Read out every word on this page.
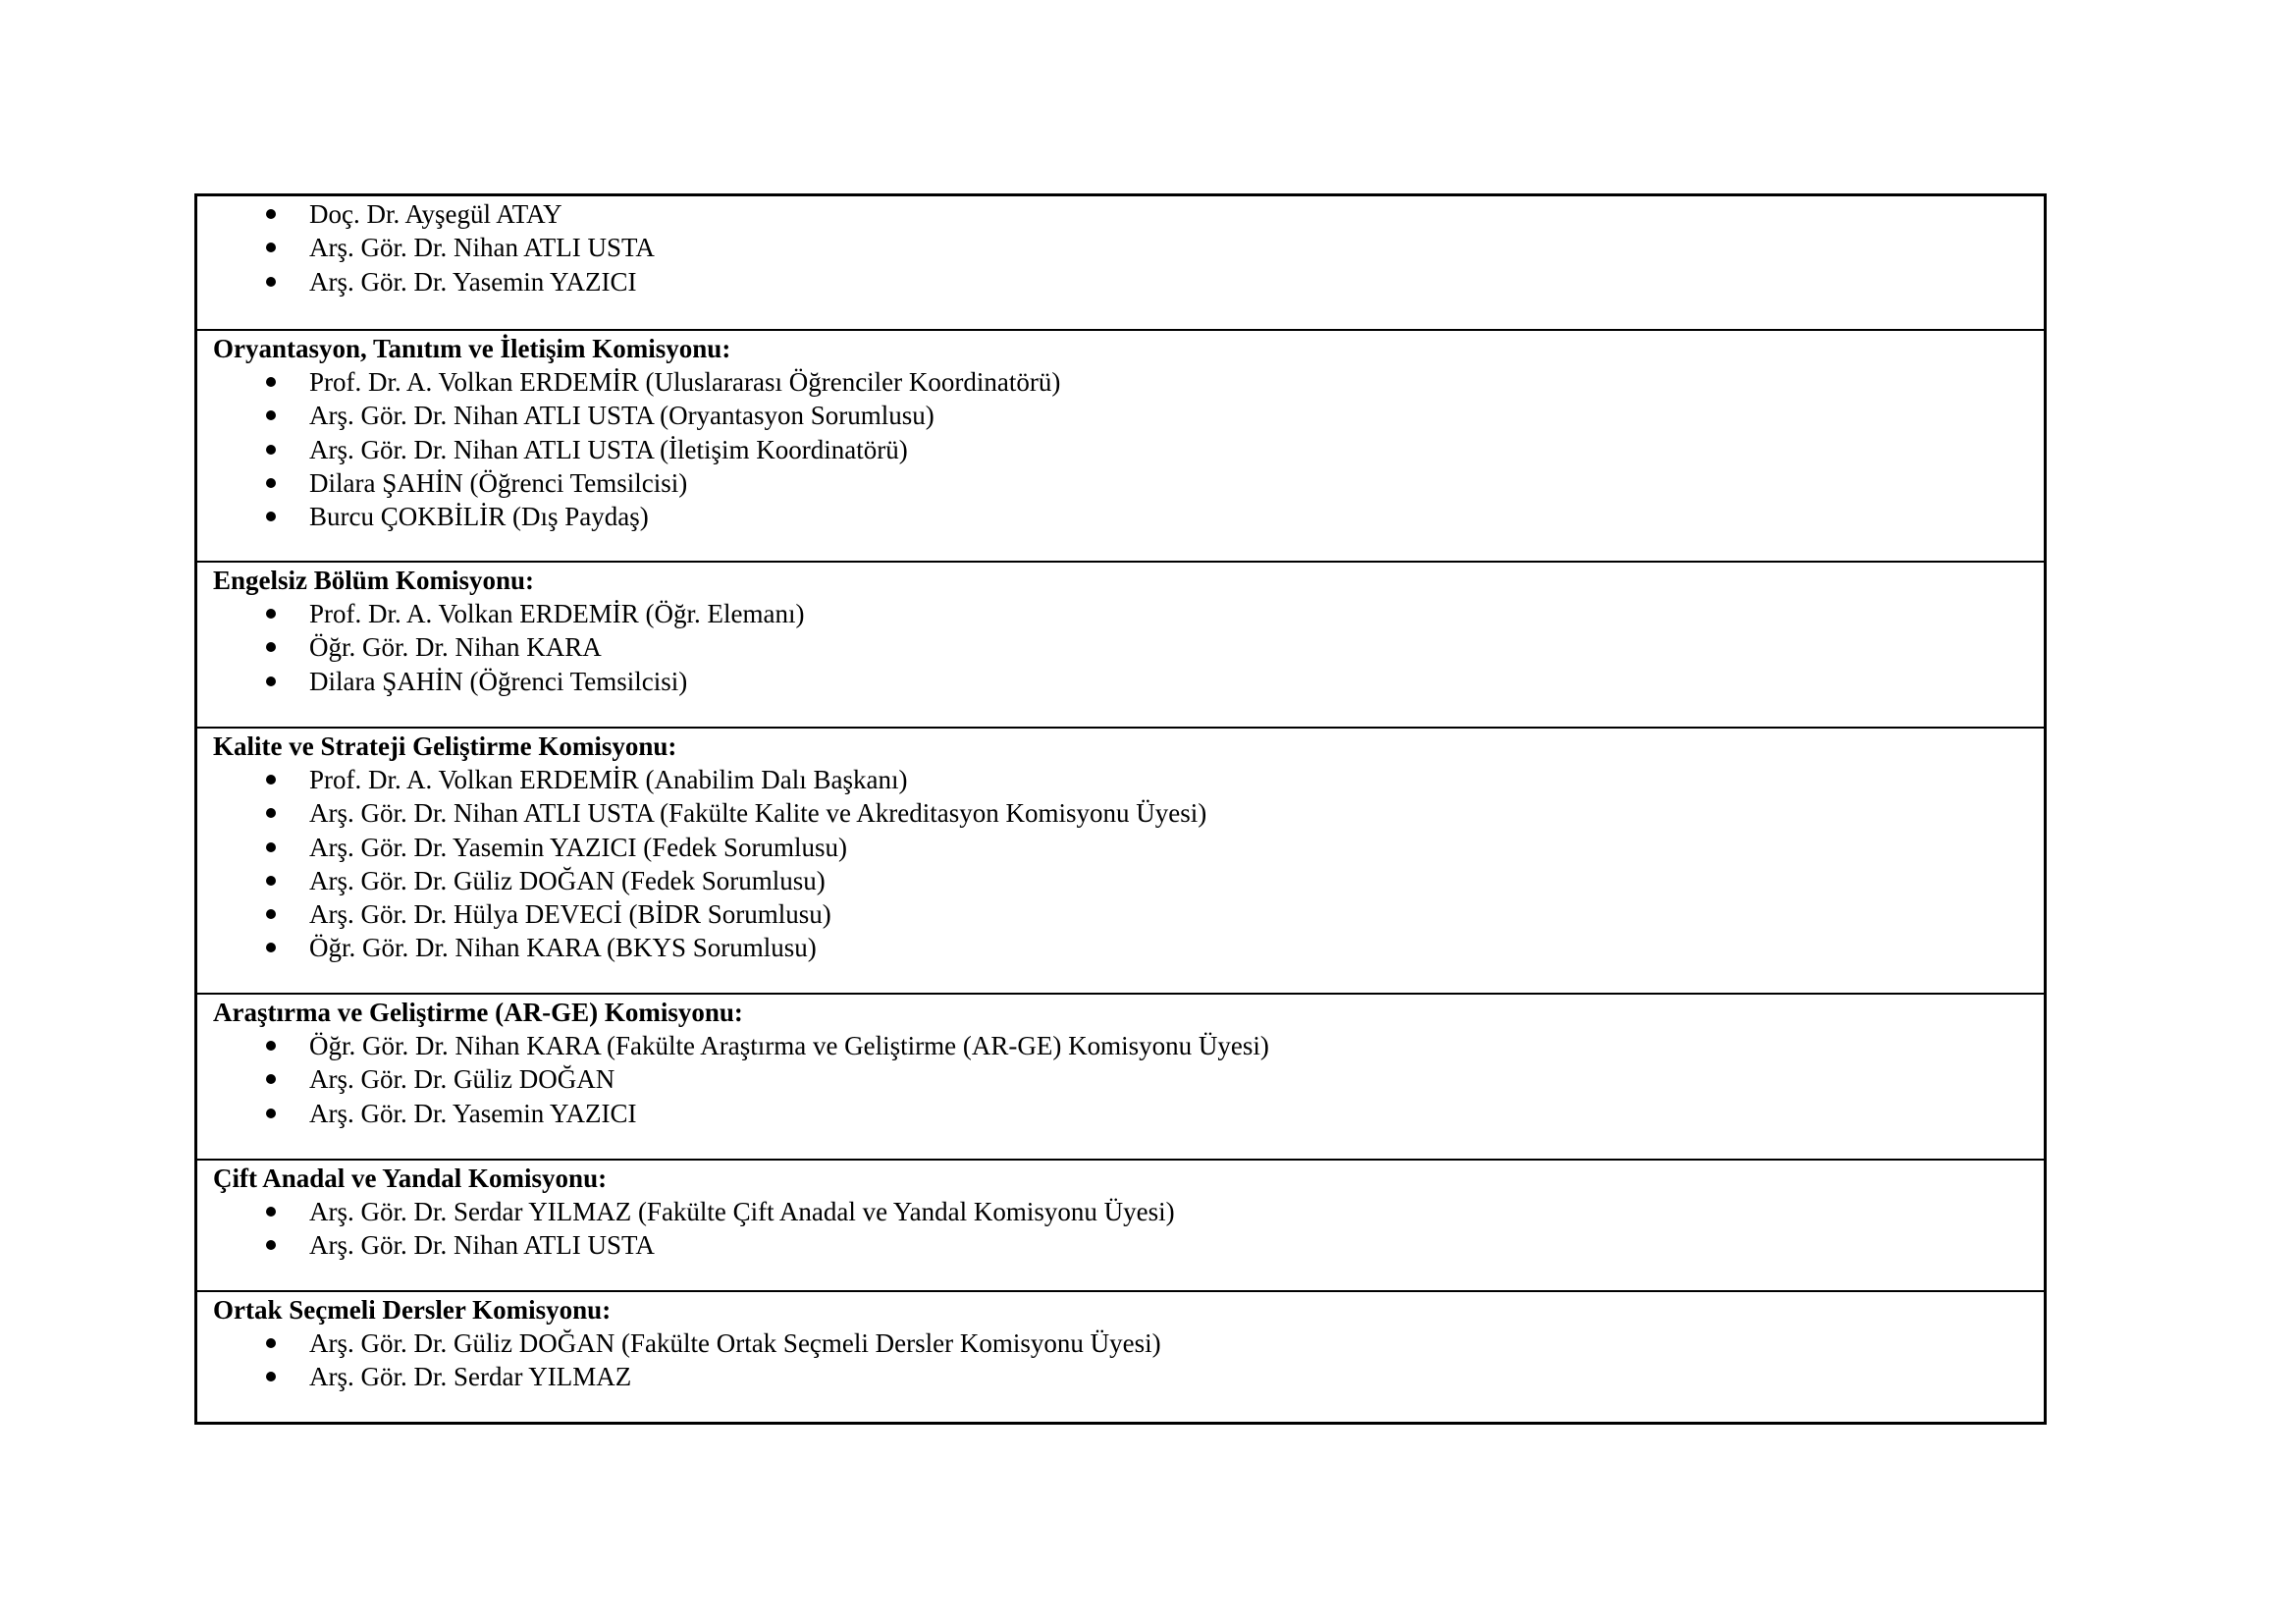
Doç. Dr. Ayşegül ATAY
Arş. Gör. Dr. Nihan ATLI USTA
Arş. Gör. Dr. Yasemin YAZICI
Oryantasyon, Tanıtım ve İletişim Komisyonu:
Prof. Dr. A. Volkan ERDEMİR (Uluslararası Öğrenciler Koordinatörü)
Arş. Gör. Dr. Nihan ATLI USTA (Oryantasyon Sorumlusu)
Arş. Gör. Dr. Nihan ATLI USTA (İletişim Koordinatörü)
Dilara ŞAHİN (Öğrenci Temsilcisi)
Burcu ÇOKBİLİR (Dış Paydaş)
Engelsiz Bölüm Komisyonu:
Prof. Dr. A. Volkan ERDEMİR (Öğr. Elemanı)
Öğr. Gör. Dr. Nihan KARA
Dilara ŞAHİN (Öğrenci Temsilcisi)
Kalite ve Strateji Geliştirme Komisyonu:
Prof. Dr. A. Volkan ERDEMİR (Anabilim Dalı Başkanı)
Arş. Gör. Dr. Nihan ATLI USTA (Fakülte Kalite ve Akreditasyon Komisyonu Üyesi)
Arş. Gör. Dr. Yasemin YAZICI (Fedek Sorumlusu)
Arş. Gör. Dr. Güliz DOĞAN (Fedek Sorumlusu)
Arş. Gör. Dr. Hülya DEVECİ (BİDR Sorumlusu)
Öğr. Gör. Dr. Nihan KARA (BKYS Sorumlusu)
Araştırma ve Geliştirme (AR-GE) Komisyonu:
Öğr. Gör. Dr. Nihan KARA (Fakülte Araştırma ve Geliştirme (AR-GE) Komisyonu Üyesi)
Arş. Gör. Dr. Güliz DOĞAN
Arş. Gör. Dr. Yasemin YAZICI
Çift Anadal ve Yandal Komisyonu:
Arş. Gör. Dr. Serdar YILMAZ (Fakülte Çift Anadal ve Yandal Komisyonu Üyesi)
Arş. Gör. Dr. Nihan ATLI USTA
Ortak Seçmeli Dersler Komisyonu:
Arş. Gör. Dr. Güliz DOĞAN (Fakülte Ortak Seçmeli Dersler Komisyonu Üyesi)
Arş. Gör. Dr. Serdar YILMAZ
